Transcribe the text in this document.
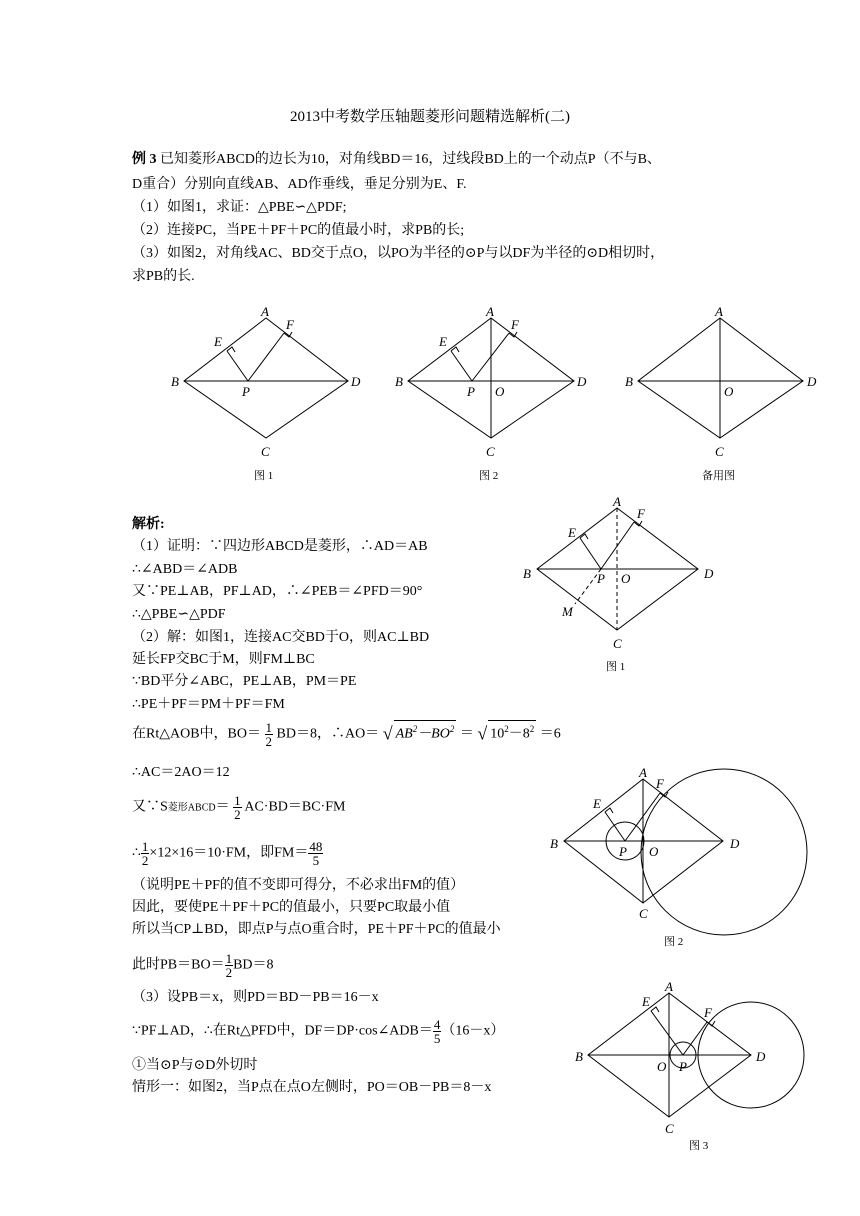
2013中考数学压轴题菱形问题精选解析(二)
例 3 已知菱形ABCD的边长为10，对角线BD＝16，过线段BD上的一个动点P（不与B、
D重合）分别向直线AB、AD作垂线，垂足分别为E、F.
（1）如图1，求证：△PBE∽△PDF;
（2）连接PC，当PE＋PF＋PC的值最小时，求PB的长;
（3）如图2，对角线AC、BD交于点O，以PO为半径的⊙P与以DF为半径的⊙D相切时，
求PB的长.
A
B
C
D
E
F
P
图 1
A
B
C
D
E
F
P O
图 2
A
B
C
D
O
备用图
A
B
C
D
E
F
P O
M
图 1
A
B
C
D
E
F
P O
图 2
A
B
C
D
E
F
O P
图 3
解析:
（1）证明：∵四边形ABCD是菱形，∴AD＝AB
∴∠ABD＝∠ADB
又∵PE⊥AB，PF⊥AD，∴∠PEB＝∠PFD＝90°
∴△PBE∽△PDF
（2）解：如图1，连接AC交BD于O，则AC⊥BD
延长FP交BC于M，则FM⊥BC
∵BD平分∠ABC，PE⊥AB，PM＝PE
∴PE＋PF＝PM＋PF＝FM
在Rt△AOB中，$BO= \frac{1}{2} BD=8$，∴AO＝ √ $AB^2-BO^2$ ＝ √ $10^2-8^2 =6$
∴AC＝2AO＝12
又∵S菱形ABCD＝ $\frac{1}{2} AC\cdot BD=BC\cdot FM$
∴ $\frac{1}{2} \times 12\times 16=10\cdot FM$，即$FM= \frac{48}{5}$
（说明PE＋PF的值不变即可得分，不必求出FM的值）
因此，要使PE＋PF＋PC的值最小，只要PC取最小值
所以当CP⊥BD，即点P与点O重合时，PE＋PF＋PC的值最小
此时$PB=BO= \frac{1}{2} BD=8$
（3）设PB＝x，则PD＝BD－PB＝16－x
∵PF⊥AD，∴在Rt△PFD中，DF＝DP·cos∠ADB＝ $\frac{4}{5} (16-x)$
①当⊙P与⊙D外切时
情形一：如图2，当P点在点O左侧时，PO＝OB－PB＝8－x
